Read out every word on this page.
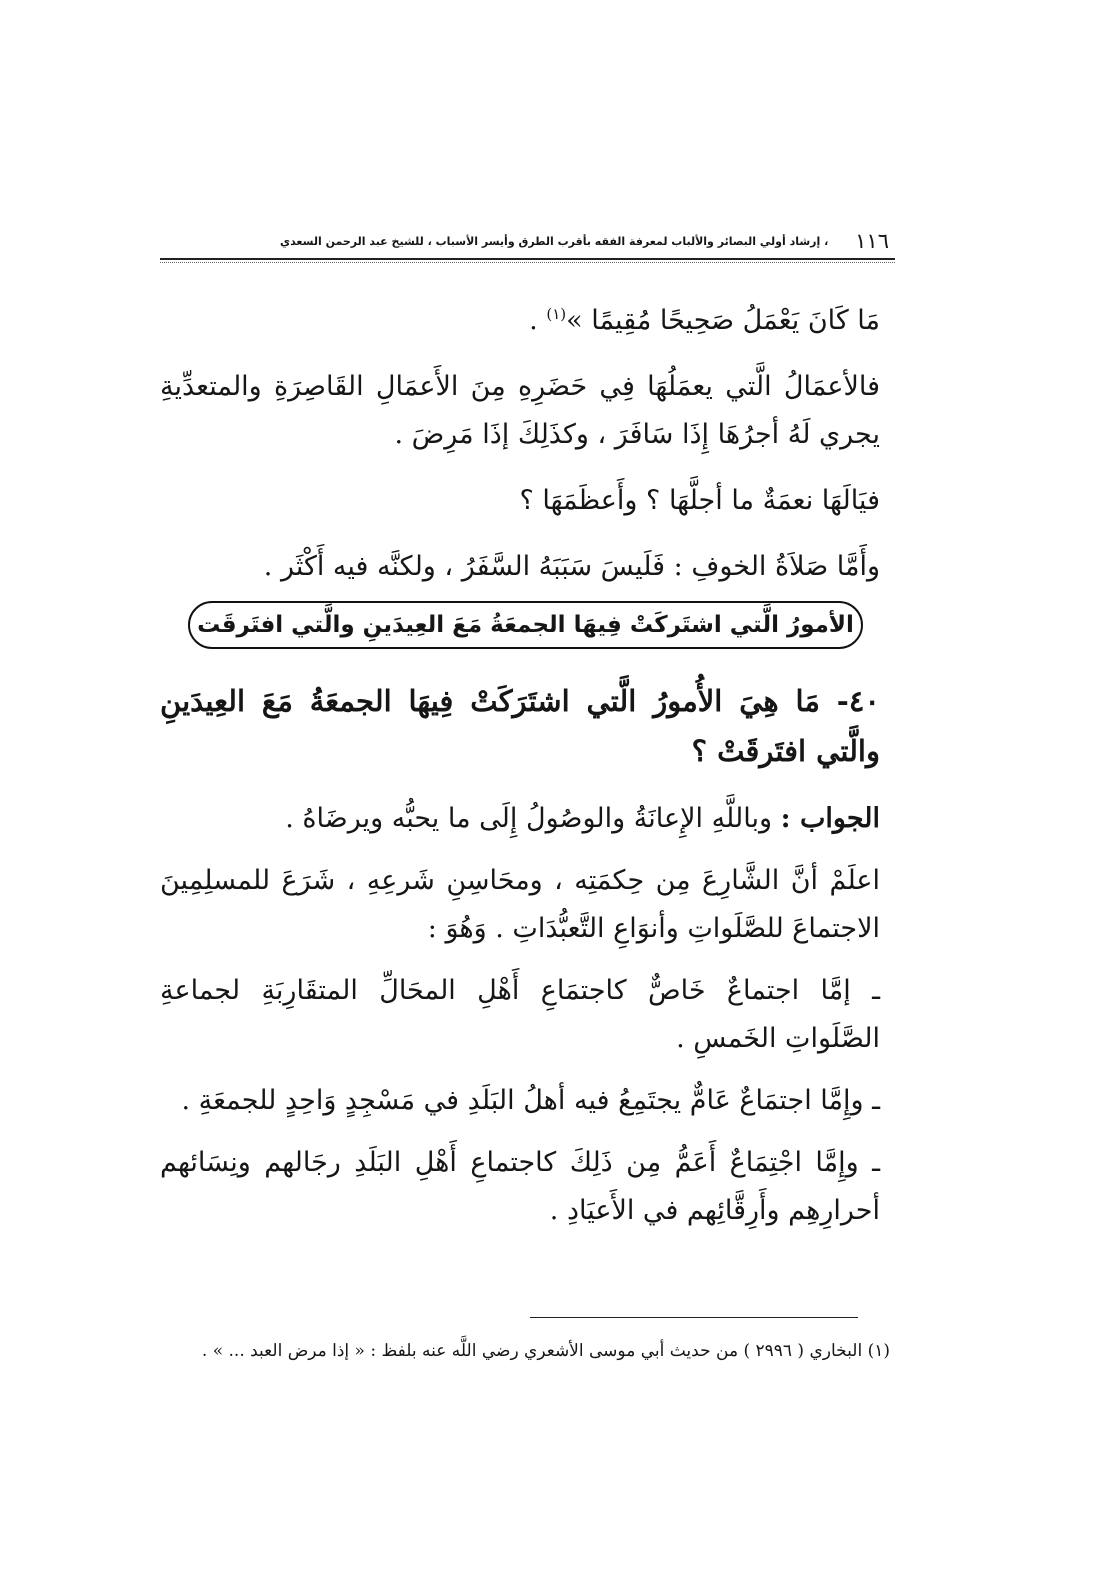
١١٦
، إرشاد أولي البصائر والألباب لمعرفة الفقه بأقرب الطرق وأيسر الأسباب ، للشيخ عبد الرحمن السعدي

مَا كَانَ يَعْمَلُ صَحِيحًا مُقِيمًا »$^{(١)}$ .

فالأعمَالُ الَّتي يعمَلُهَا فِي حَضَرِهِ مِنَ الأَعمَالِ القَاصِرَةِ والمتعدِّيةِ يجري لَهُ أجرُهَا إِذَا سَافَرَ ، وكذَلِكَ إذَا مَرِضَ .

فيَالَهَا نعمَةٌ ما أجلَّهَا ؟ وأَعظَمَهَا ؟

وأَمَّا صَلاَةُ الخوفِ : فَلَيسَ سَبَبَهُ السَّفَرُ ، ولكنَّه فيه أَكْثَر .

الأمورُ الَّتي اشتَركَتْ فِيهَا الجمعَةُ مَعَ العِيدَينِ والَّتي افتَرقَت
٤٠- مَا هِيَ الأُمورُ الَّتي اشتَرَكَتْ فِيهَا الجمعَةُ مَعَ العِيدَينِ والَّتي افتَرقَتْ ؟

الجواب : وباللَّهِ الإِعانَةُ والوصُولُ إِلَى ما يحبُّه ويرضَاهُ .

اعلَمْ أنَّ الشَّارِعَ مِن حِكمَتِه ، ومحَاسِنِ شَرعِهِ ، شَرَعَ للمسلِمِينَ الاجتماعَ للصَّلَواتِ وأنوَاعِ التَّعبُّدَاتِ . وَهُوَ :

ـ إمَّا اجتماعٌ خَاصٌّ كاجتمَاعِ أَهْلِ المحَالِّ المتقَارِبَةِ لجماعةِ الصَّلَواتِ الخَمسِ .

ـ وإِمَّا اجتمَاعٌ عَامٌّ يجتَمِعُ فيه أهلُ البَلَدِ في مَسْجِدٍ وَاحِدٍ للجمعَةِ .

ـ وإِمَّا اجْتِمَاعٌ أَعَمُّ مِن ذَلِكَ كاجتماعِ أَهْلِ البَلَدِ رجَالهم ونِسَائهم أحرارِهِم وأَرِقَّائِهم في الأَعيَادِ .

(١) البخاري ( ٢٩٩٦ ) من حديث أبي موسى الأشعري رضي اللَّه عنه بلفظ : « إذا مرض العبد ... » .
